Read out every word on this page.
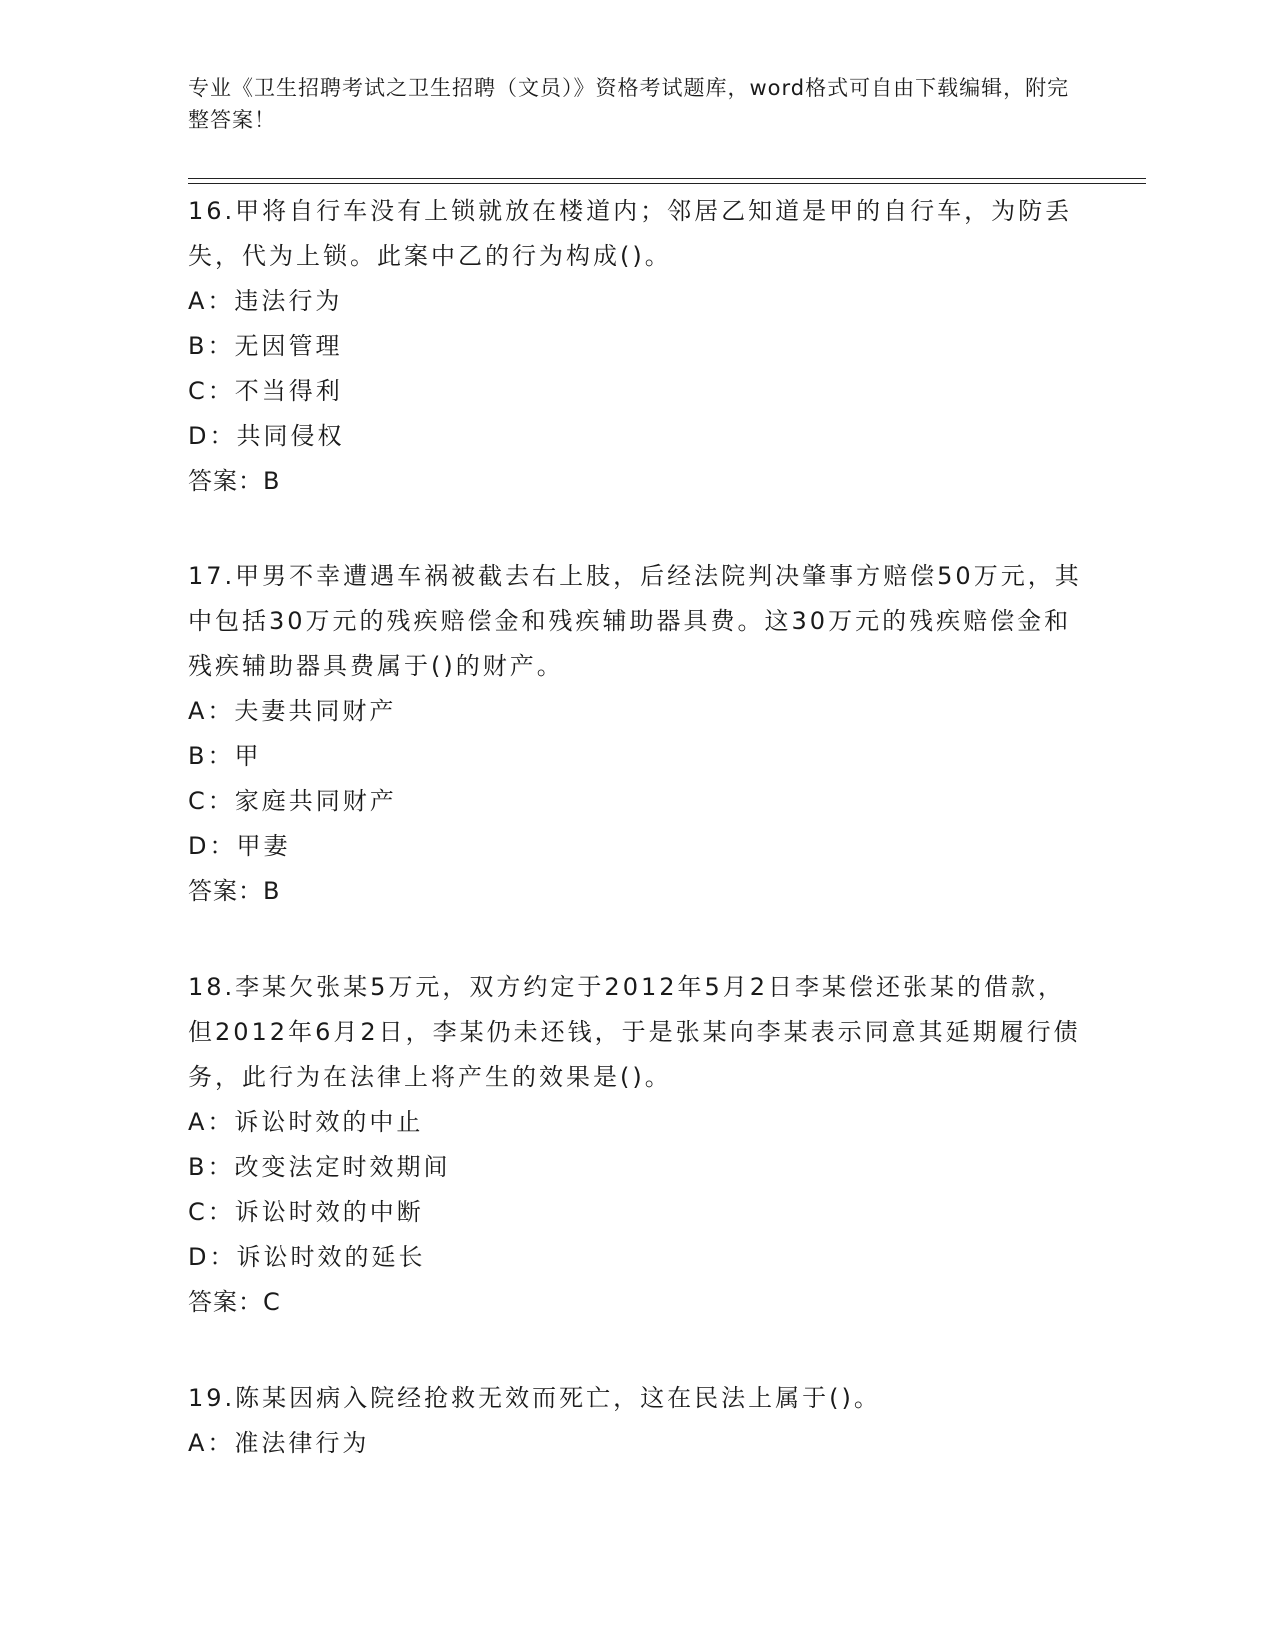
专业《卫生招聘考试之卫生招聘（文员）》资格考试题库，word格式可自由下载编辑，附完整答案！

16.甲将自行车没有上锁就放在楼道内；邻居乙知道是甲的自行车，为防丢失，代为上锁。此案中乙的行为构成()。

A：违法行为

B：无因管理

C：不当得利

D：共同侵权

答案：B

17.甲男不幸遭遇车祸被截去右上肢，后经法院判决肇事方赔偿50万元，其中包括30万元的残疾赔偿金和残疾辅助器具费。这30万元的残疾赔偿金和残疾辅助器具费属于()的财产。

A：夫妻共同财产

B：甲

C：家庭共同财产

D：甲妻

答案：B

18.李某欠张某5万元，双方约定于2012年5月2日李某偿还张某的借款，但2012年6月2日，李某仍未还钱，于是张某向李某表示同意其延期履行债务，此行为在法律上将产生的效果是()。

A：诉讼时效的中止

B：改变法定时效期间

C：诉讼时效的中断

D：诉讼时效的延长

答案：C

19.陈某因病入院经抢救无效而死亡，这在民法上属于()。

A：准法律行为
